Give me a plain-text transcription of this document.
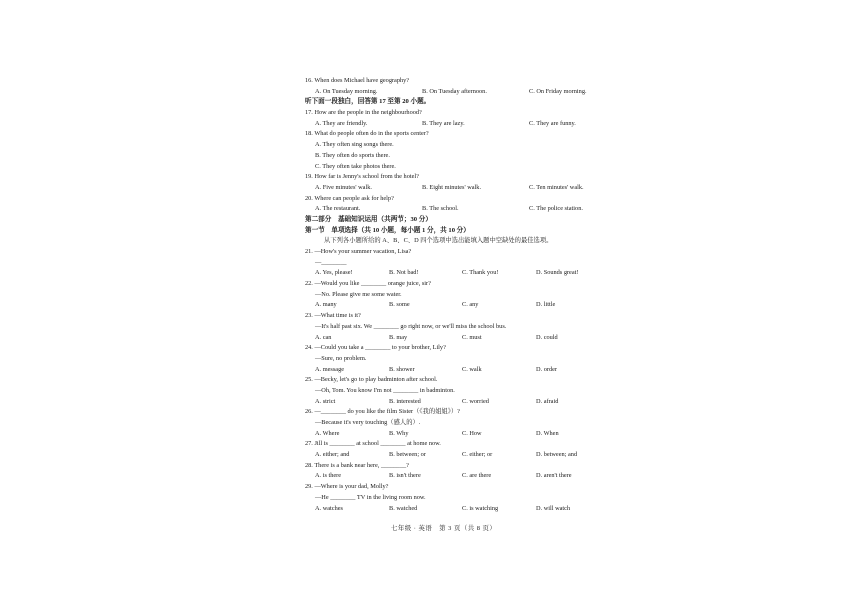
16. When does Michael have geography?
A. On Tuesday morning.	B. On Tuesday afternoon.	C. On Friday morning.
听下面一段独白，回答第 17 至第 20 小题。
17. How are the people in the neighbourhood?
A. They are friendly.	B. They are lazy.	C. They are funny.
18. What do people often do in the sports center?
A. They often sing songs there.
B. They often do sports there.
C. They often take photos there.
19. How far is Jenny's school from the hotel?
A. Five minutes' walk.	B. Eight minutes' walk.	C. Ten minutes' walk.
20. Where can people ask for help?
A. The restaurant.	B. The school.	C. The police station.
第二部分　基础知识运用（共两节；30 分）
第一节　单项选择（共 10 小题，每小题 1 分，共 10 分）
从下列各小题所给的 A、B、C、D 四个选项中选出能填入题中空缺处的最佳选项。
21. —How's your summer vacation, Lisa?
—________
A. Yes, please!	B. Not bad!	C. Thank you!	D. Sounds great!
22. —Would you like ________ orange juice, sir?
—No. Please give me some water.
A. many	B. some	C. any	D. little
23. —What time is it?
—It's half past six. We ________ go right now, or we'll miss the school bus.
A. can	B. may	C. must	D. could
24. —Could you take a ________ to your brother, Lily?
—Sure, no problem.
A. message	B. shower	C. walk	D. order
25. —Becky, let's go to play badminton after school.
—Oh, Tom. You know I'm not ________ in badminton.
A. strict	B. interested	C. worried	D. afraid
26. —________ do you like the film Sister（《我的姐姐》）?
—Because it's very touching（感人的）.
A. Where	B. Why	C. How	D. When
27. Jill is ________ at school ________ at home now.
A. either; and	B. between; or	C. either; or	D. between; and
28. There is a bank near here, ________?
A. is there	B. isn't there	C. are there	D. aren't there
29. —Where is your dad, Molly?
—He ________ TV in the living room now.
A. watches	B. watched	C. is watching	D. will watch
七年级 · 英语　第 3 页（共 8 页）
